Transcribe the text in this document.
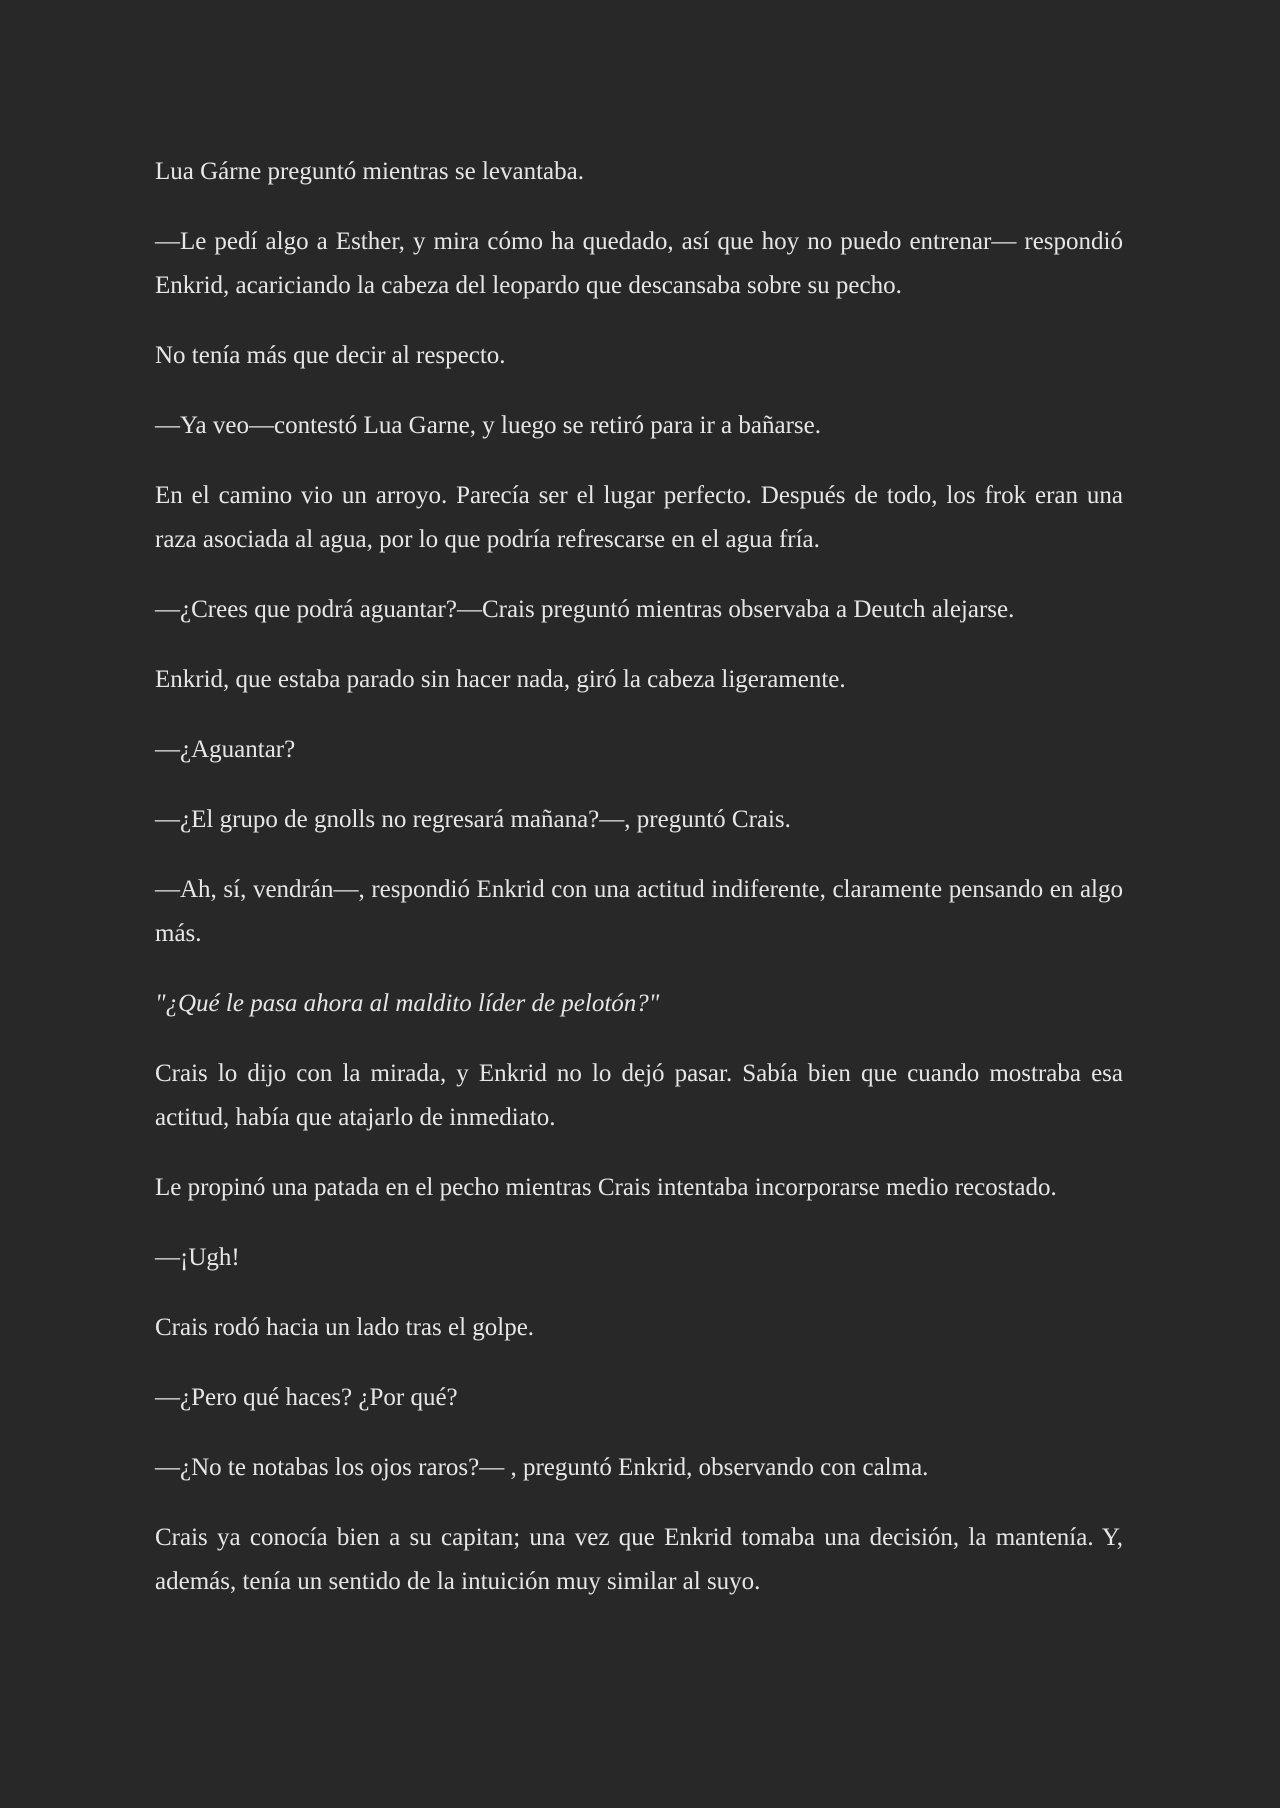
Lua Gárne preguntó mientras se levantaba.

—Le pedí algo a Esther, y mira cómo ha quedado, así que hoy no puedo entrenar— respondió Enkrid, acariciando la cabeza del leopardo que descansaba sobre su pecho.

No tenía más que decir al respecto.

—Ya veo—contestó Lua Garne, y luego se retiró para ir a bañarse.

En el camino vio un arroyo. Parecía ser el lugar perfecto. Después de todo, los frok eran una raza asociada al agua, por lo que podría refrescarse en el agua fría.

—¿Crees que podrá aguantar?—Crais preguntó mientras observaba a Deutch alejarse.

Enkrid, que estaba parado sin hacer nada, giró la cabeza ligeramente.

—¿Aguantar?

—¿El grupo de gnolls no regresará mañana?—, preguntó Crais.

—Ah, sí, vendrán—, respondió Enkrid con una actitud indiferente, claramente pensando en algo más.

"¿Qué le pasa ahora al maldito líder de pelotón?"

Crais lo dijo con la mirada, y Enkrid no lo dejó pasar. Sabía bien que cuando mostraba esa actitud, había que atajarlo de inmediato.

Le propinó una patada en el pecho mientras Crais intentaba incorporarse medio recostado.

—¡Ugh!

Crais rodó hacia un lado tras el golpe.

—¿Pero qué haces? ¿Por qué?

—¿No te notabas los ojos raros?— , preguntó Enkrid, observando con calma.

Crais ya conocía bien a su capitan; una vez que Enkrid tomaba una decisión, la mantenía. Y, además, tenía un sentido de la intuición muy similar al suyo.
